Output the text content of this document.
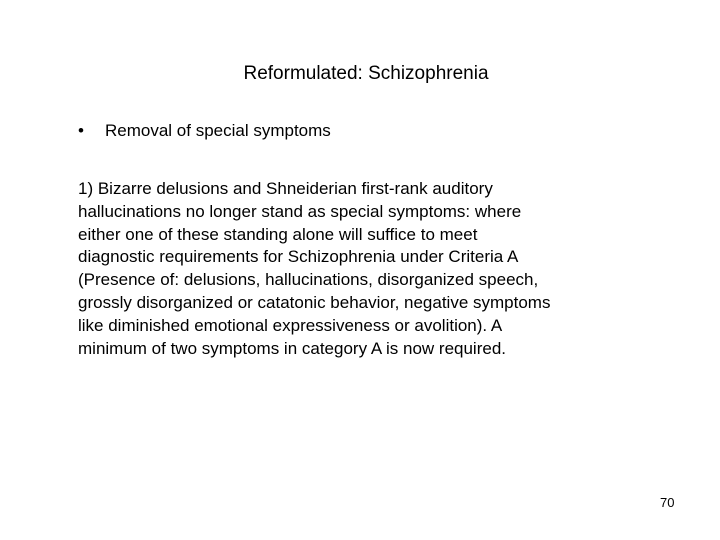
Reformulated: Schizophrenia
• Removal of special symptoms
1) Bizarre delusions and Shneiderian first-rank auditory
hallucinations no longer stand as special symptoms: where
either one of these standing alone will suffice to meet
diagnostic requirements for Schizophrenia under Criteria A
(Presence of: delusions, hallucinations, disorganized speech,
grossly disorganized or catatonic behavior, negative symptoms
like diminished emotional expressiveness or avolition). A
minimum of two symptoms in category A is now required.
70
